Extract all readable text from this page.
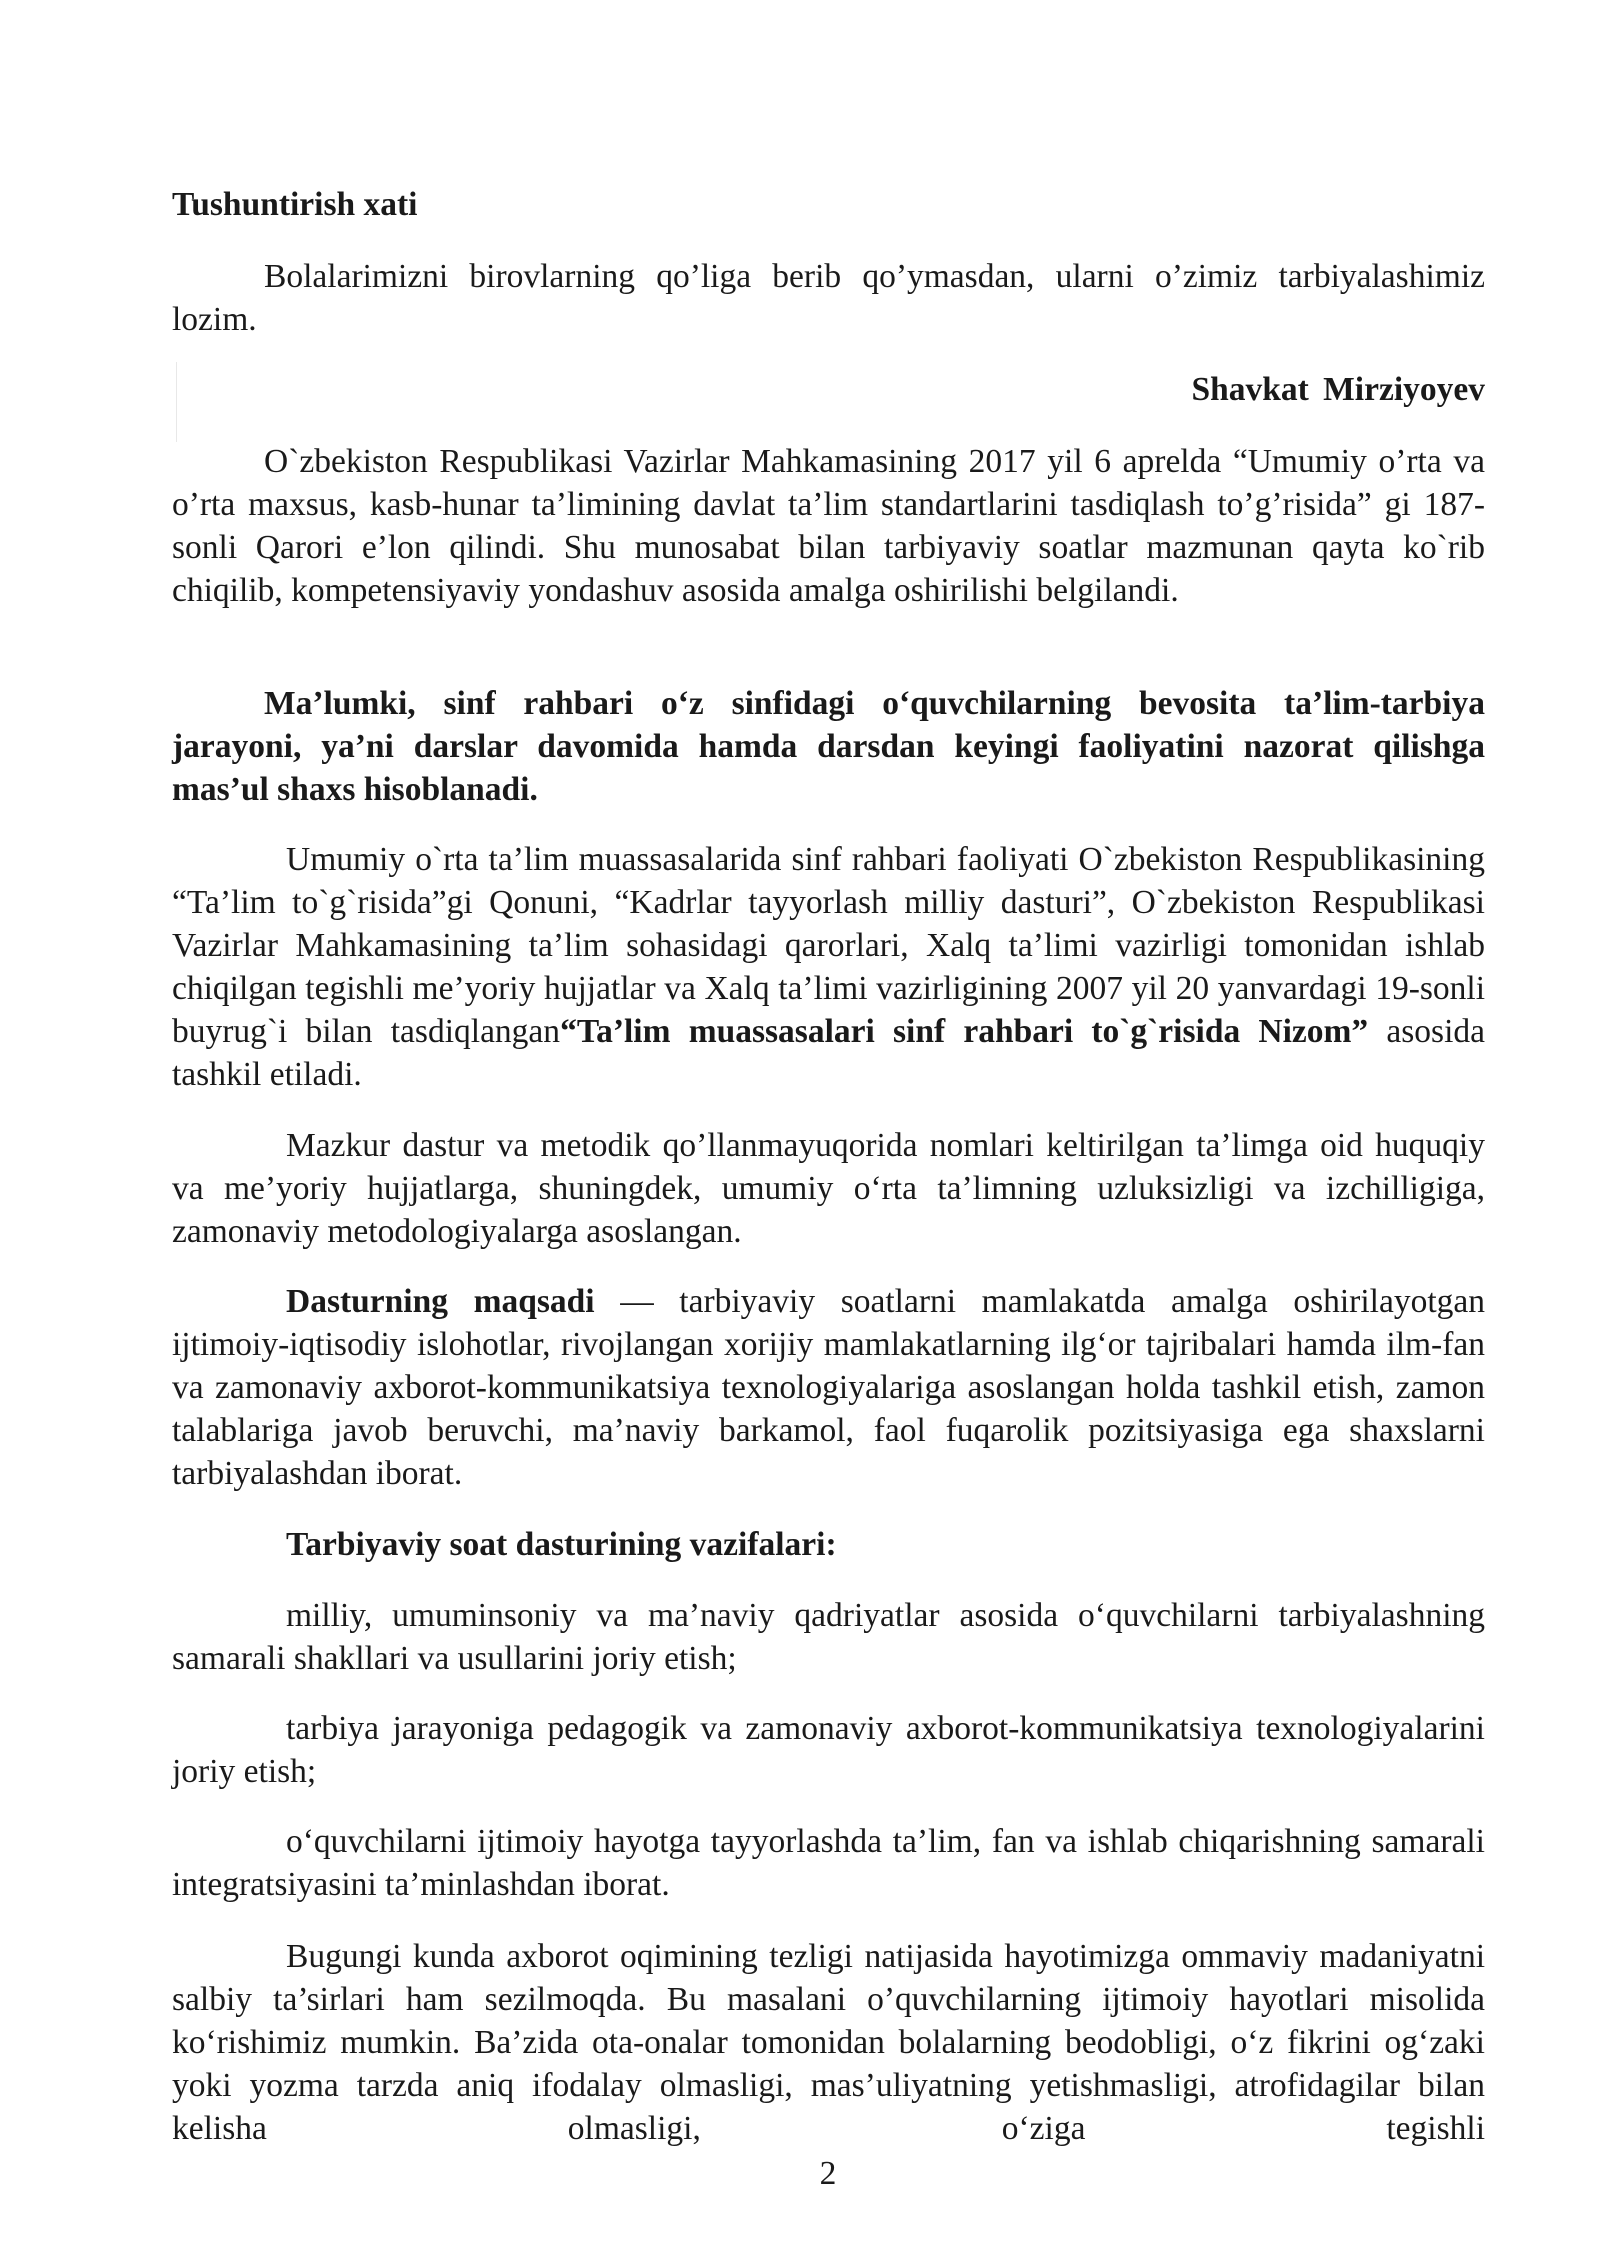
Tushuntirish xati

Bolalarimizni birovlarning qo’liga berib qo’ymasdan, ularni o’zimiz tarbiyalashimiz lozim.

Shavkat Mirziyoyev

O`zbekiston Respublikasi Vazirlar Mahkamasining 2017 yil 6 aprelda “Umumiy o’rta va o’rta maxsus, kasb-hunar ta’limining davlat ta’lim standartlarini tasdiqlash to’g’risida” gi 187-sonli Qarori e’lon qilindi. Shu munosabat bilan tarbiyaviy soatlar mazmunan qayta ko`rib chiqilib, kompetensiyaviy yondashuv asosida amalga oshirilishi belgilandi.

Ma’lumki, sinf rahbari o‘z sinfidagi o‘quvchilarning bevosita ta’lim-tarbiya jarayoni, ya’ni darslar davomida hamda darsdan keyingi faoliyatini nazorat qilishga mas’ul shaxs hisoblanadi.

Umumiy o`rta ta’lim muassasalarida sinf rahbari faoliyati O`zbekiston Respublikasining “Ta’lim to`g`risida”gi Qonuni, “Kadrlar tayyorlash milliy dasturi”, O`zbekiston Respublikasi Vazirlar Mahkamasining ta’lim sohasidagi qarorlari, Xalq ta’limi vazirligi tomonidan ishlab chiqilgan tegishli me’yoriy hujjatlar va Xalq ta’limi vazirligining 2007 yil 20 yanvardagi 19-sonli buyrug`i bilan tasdiqlangan“Ta’lim muassasalari sinf rahbari to`g`risida Nizom” asosida tashkil etiladi.

Mazkur dastur va metodik qo’llanmayuqorida nomlari keltirilgan ta’limga oid huquqiy va me’yoriy hujjatlarga, shuningdek, umumiy o‘rta ta’limning uzluksizligi va izchilligiga, zamonaviy metodologiyalarga asoslangan.

Dasturning maqsadi — tarbiyaviy soatlarni mamlakatda amalga oshirilayotgan ijtimoiy-iqtisodiy islohotlar, rivojlangan xorijiy mamlakatlarning ilg‘or tajribalari hamda ilm-fan va zamonaviy axborot-kommunikatsiya texnologiyalariga asoslangan holda tashkil etish, zamon talablariga javob beruvchi, ma’naviy barkamol, faol fuqarolik pozitsiyasiga ega shaxslarni tarbiyalashdan iborat.

Tarbiyaviy soat dasturining vazifalari:

milliy, umuminsoniy va ma’naviy qadriyatlar asosida o‘quvchilarni tarbiyalashning samarali shakllari va usullarini joriy etish;

tarbiya jarayoniga pedagogik va zamonaviy axborot-kommunikatsiya texnologiyalarini joriy etish;

o‘quvchilarni ijtimoiy hayotga tayyorlashda ta’lim, fan va ishlab chiqarishning samarali integratsiyasini ta’minlashdan iborat.

Bugungi kunda axborot oqimining tezligi natijasida hayotimizga ommaviy madaniyatni salbiy ta’sirlari ham sezilmoqda. Bu masalani o’quvchilarning ijtimoiy hayotlari misolida ko‘rishimiz mumkin. Ba’zida ota-onalar tomonidan bolalarning beodobligi, o‘z fikrini og‘zaki yoki yozma tarzda aniq ifodalay olmasligi, mas’uliyatning yetishmasligi, atrofidagilar bilan kelisha olmasligi, o‘ziga tegishli

2
